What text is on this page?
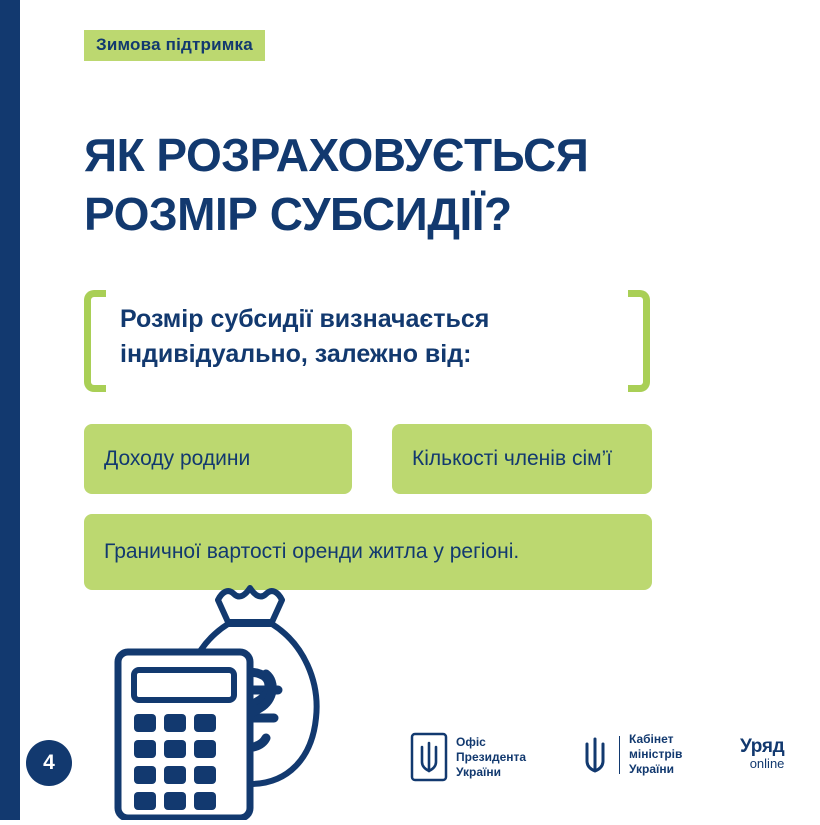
Зимова підтримка
ЯК РОЗРАХОВУЄТЬСЯ РОЗМІР СУБСИДІЇ?
Розмір субсидії визначається індивідуально, залежно від:
Доходу родини	Кількості членів сім’ї
Граничної вартості оренди житла у регіоні.
4
Офіс
Президента
України
Кабінет
міністрів
України
Уряд
online
